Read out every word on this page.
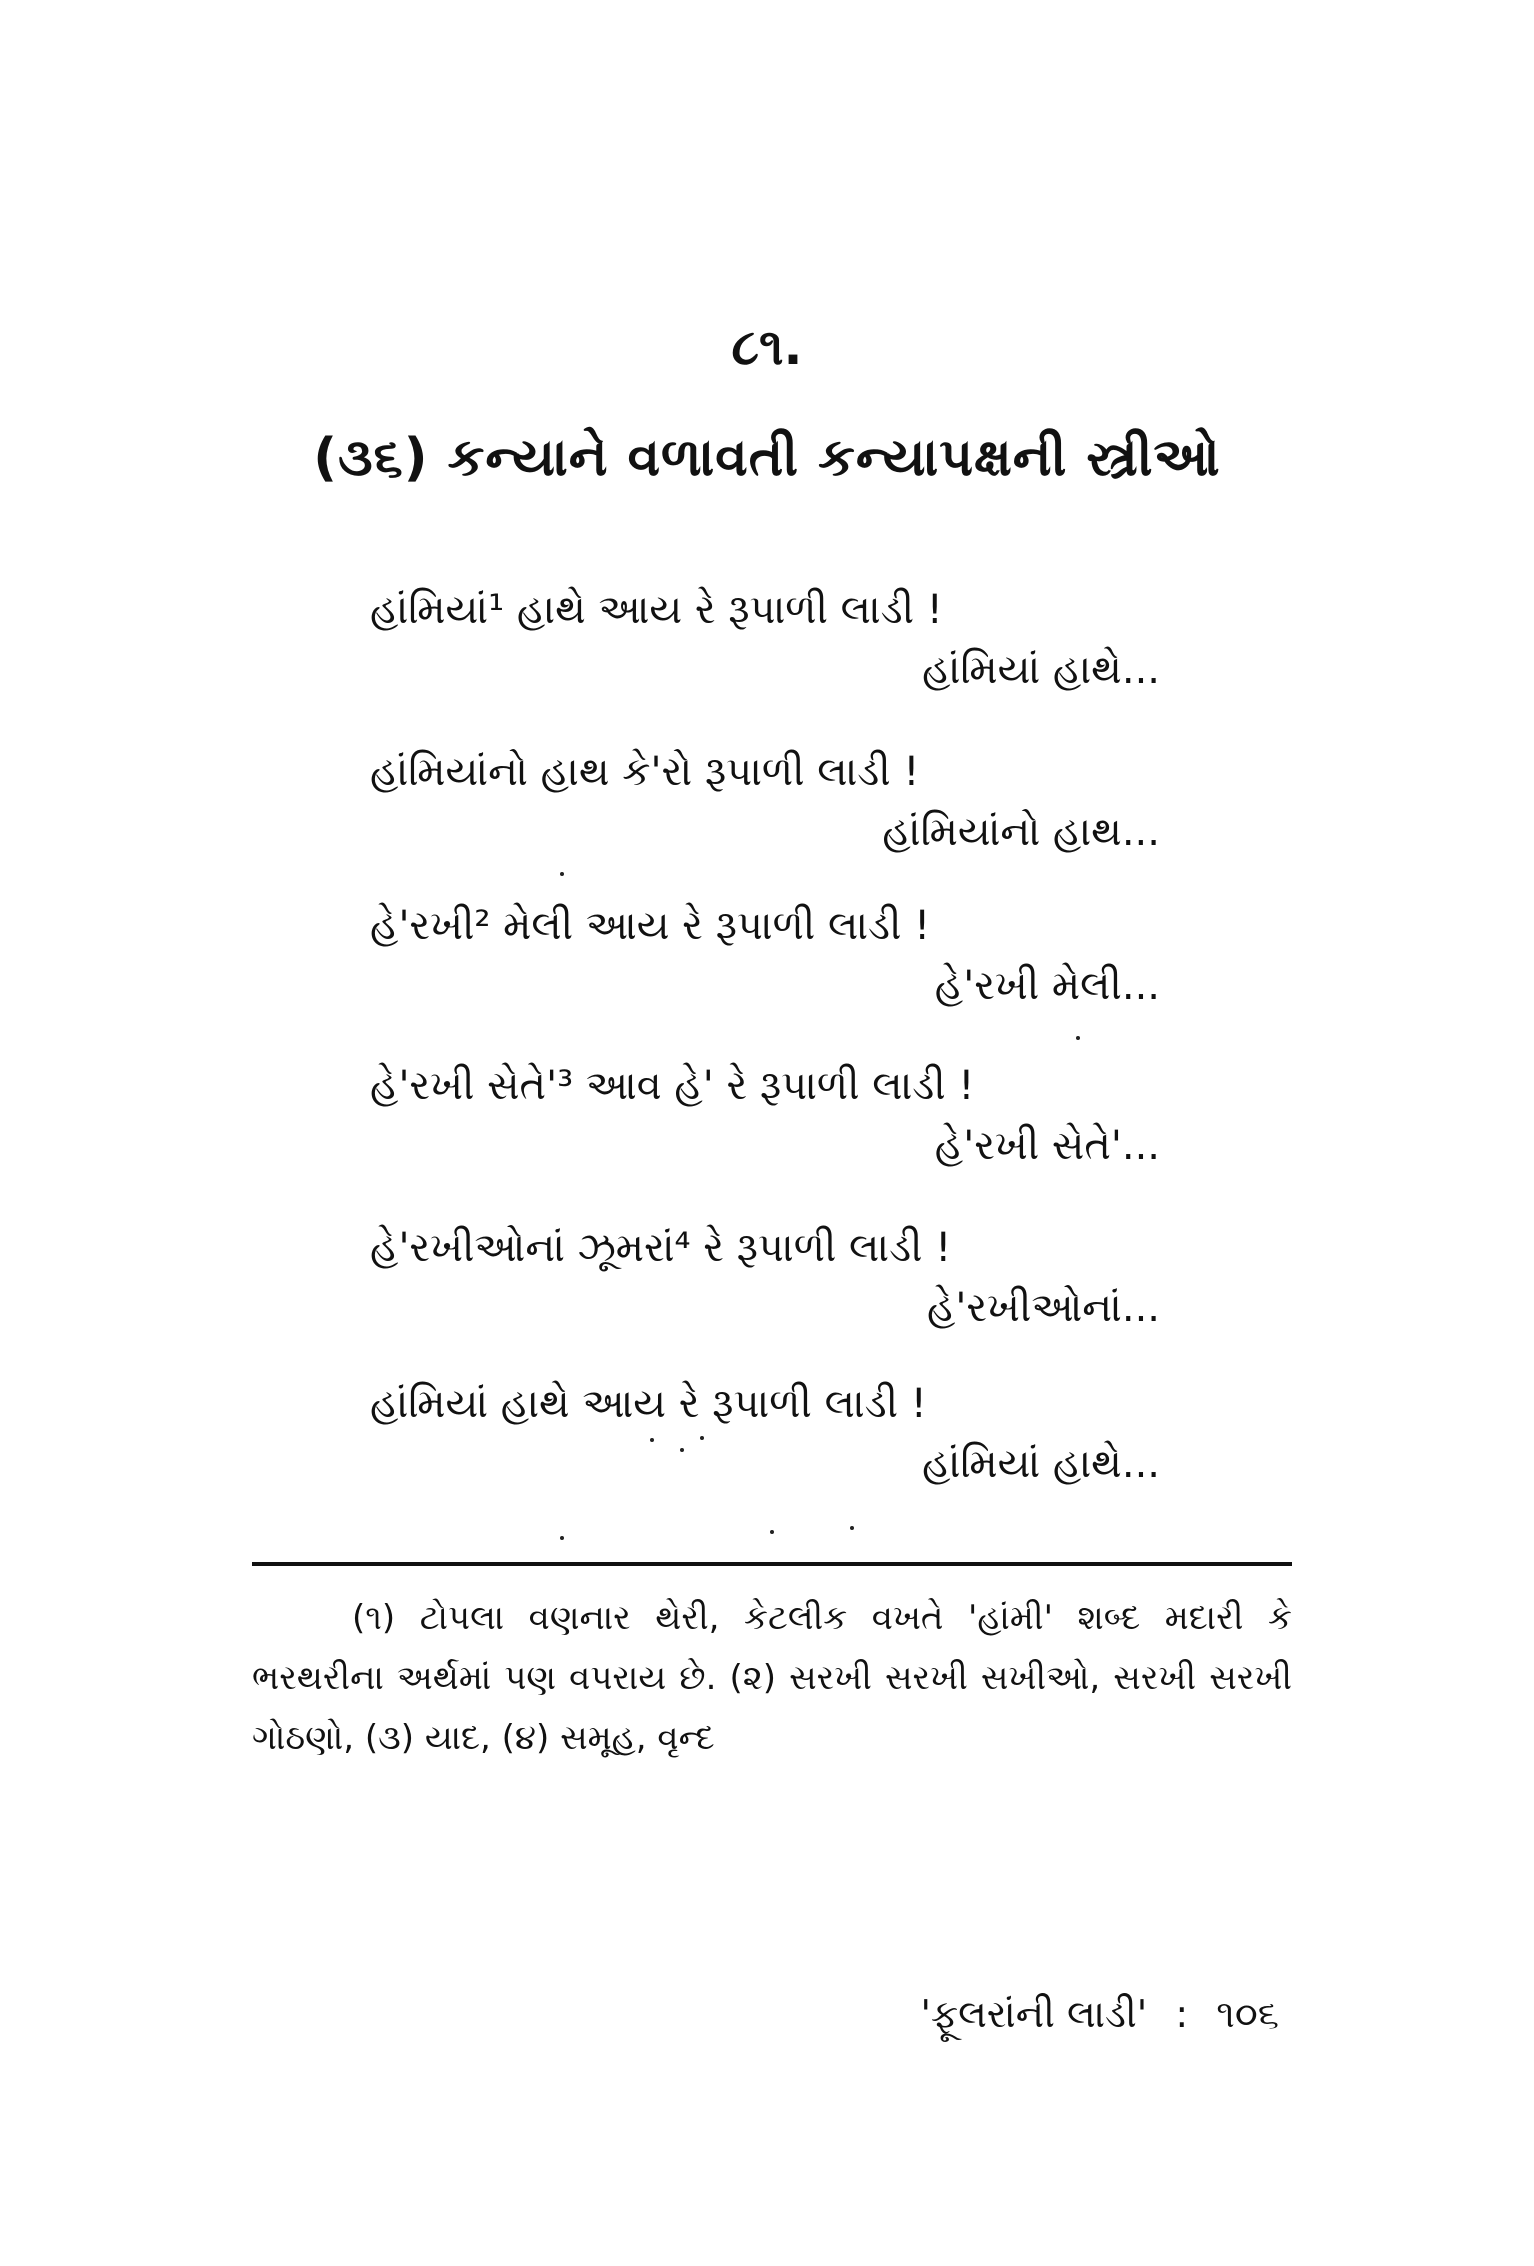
૮૧.
(૩૬) કન્યાને વળાવતી કન્યાપક્ષની સ્ત્રીઓ
હાંમિયાં¹ હાથે આય રે રૂપાળી લાડી !
હાંમિયાં હાથે...
હાંમિયાંનો હાથ કે'રો રૂપાળી લાડી !
હાંમિયાંનો હાથ...
હે'રખી² મેલી આય રે રૂપાળી લાડી !
હે'રખી મેલી...
હે'રખી સેતે'³ આવ હે' રે રૂપાળી લાડી !
હે'રખી સેતે'...
હે'રખીઓનાં ઝૂમરાં⁴ રે રૂપાળી લાડી !
હે'રખીઓનાં...
હાંમિયાં હાથે આય રે રૂપાળી લાડી !
હાંમિયાં હાથે...
(૧) ટોપલા વણનાર થેરી, કેટલીક વખતે 'હાંમી' શબ્દ મદારી કે ભરથરીના અર્થમાં પણ વપરાય છે. (૨) સરખી સરખી સખીઓ, સરખી સરખી ગોઠણો, (૩) યાદ, (૪) સમૂહ, વૃન્દ
'ફૂલરાંની લાડી' : ૧૦૬
